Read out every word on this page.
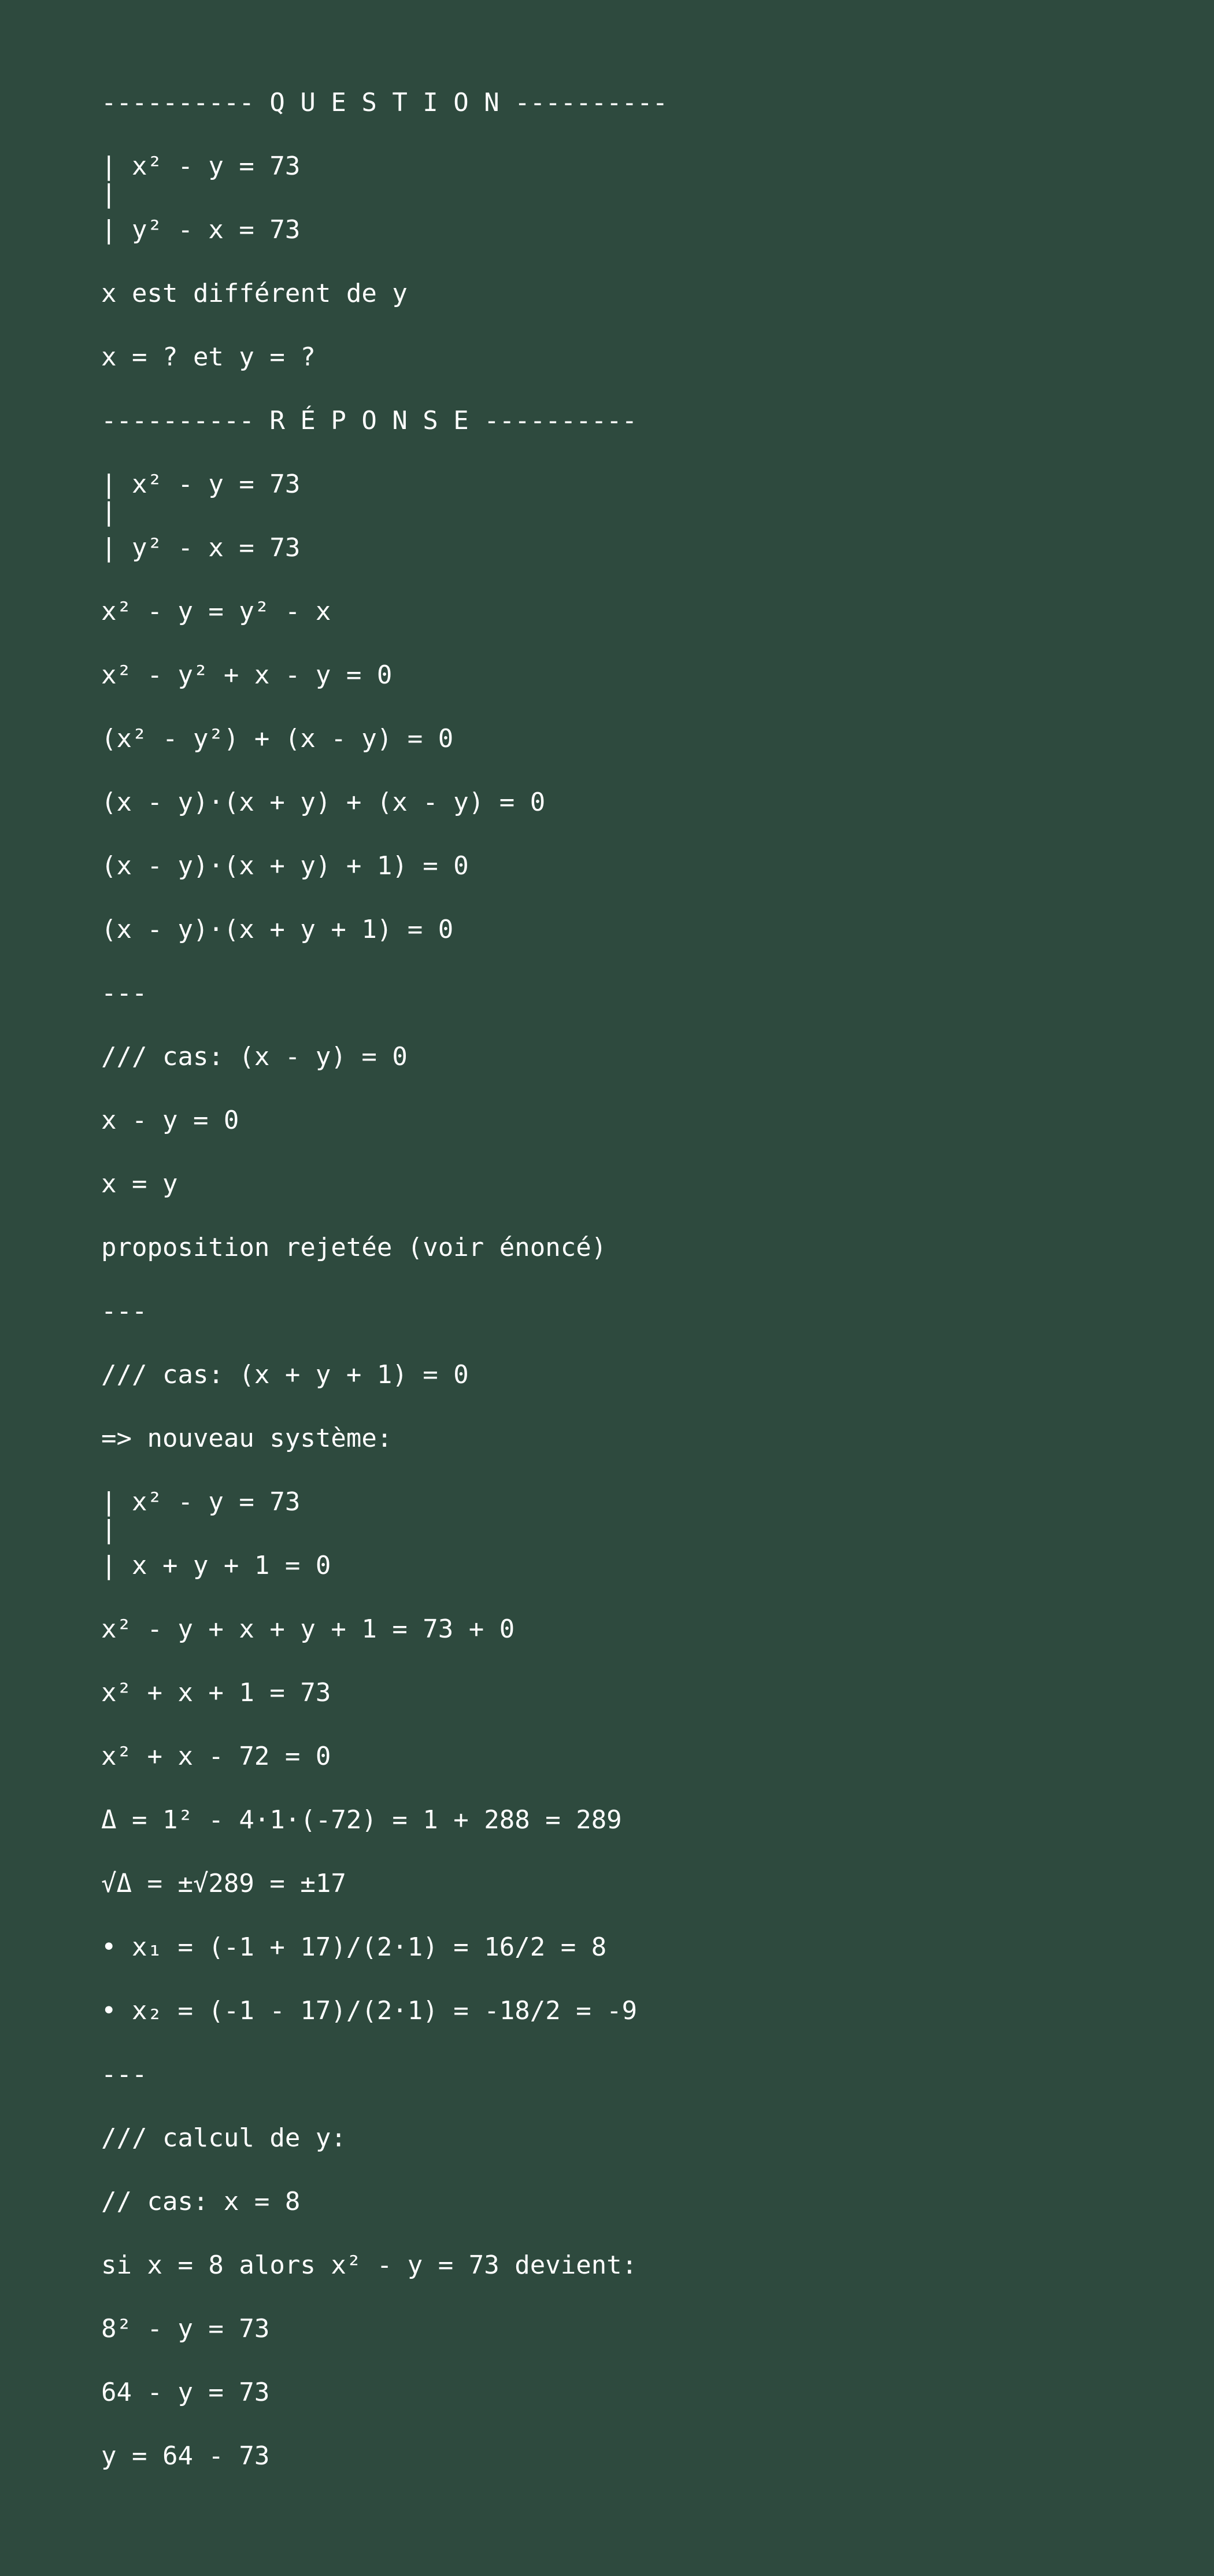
---------- Q U E S T I O N ----------

| x² - y = 73

|

| y² - x = 73

x est différent de y

x = ? et y = ?

---------- R É P O N S E ----------

| x² - y = 73

|

| y² - x = 73

x² - y = y² - x

x² - y² + x - y = 0

(x² - y²) + (x - y) = 0

(x - y)·(x + y) + (x - y) = 0

(x - y)·(x + y) + 1) = 0

(x - y)·(x + y + 1) = 0

---

/// cas: (x - y) = 0

x - y = 0

x = y

proposition rejetée (voir énoncé)

---

/// cas: (x + y + 1) = 0

=> nouveau système:

| x² - y = 73

|

| x + y + 1 = 0

x² - y + x + y + 1 = 73 + 0

x² + x + 1 = 73

x² + x - 72 = 0

Δ = 1² - 4·1·(-72) = 1 + 288 = 289

√Δ = ±√289 = ±17

• x₁ = (-1 + 17)/(2·1) = 16/2 = 8

• x₂ = (-1 - 17)/(2·1) = -18/2 = -9

---

/// calcul de y:

// cas: x = 8

si x = 8 alors x² - y = 73 devient:

8² - y = 73

64 - y = 73

y = 64 - 73
